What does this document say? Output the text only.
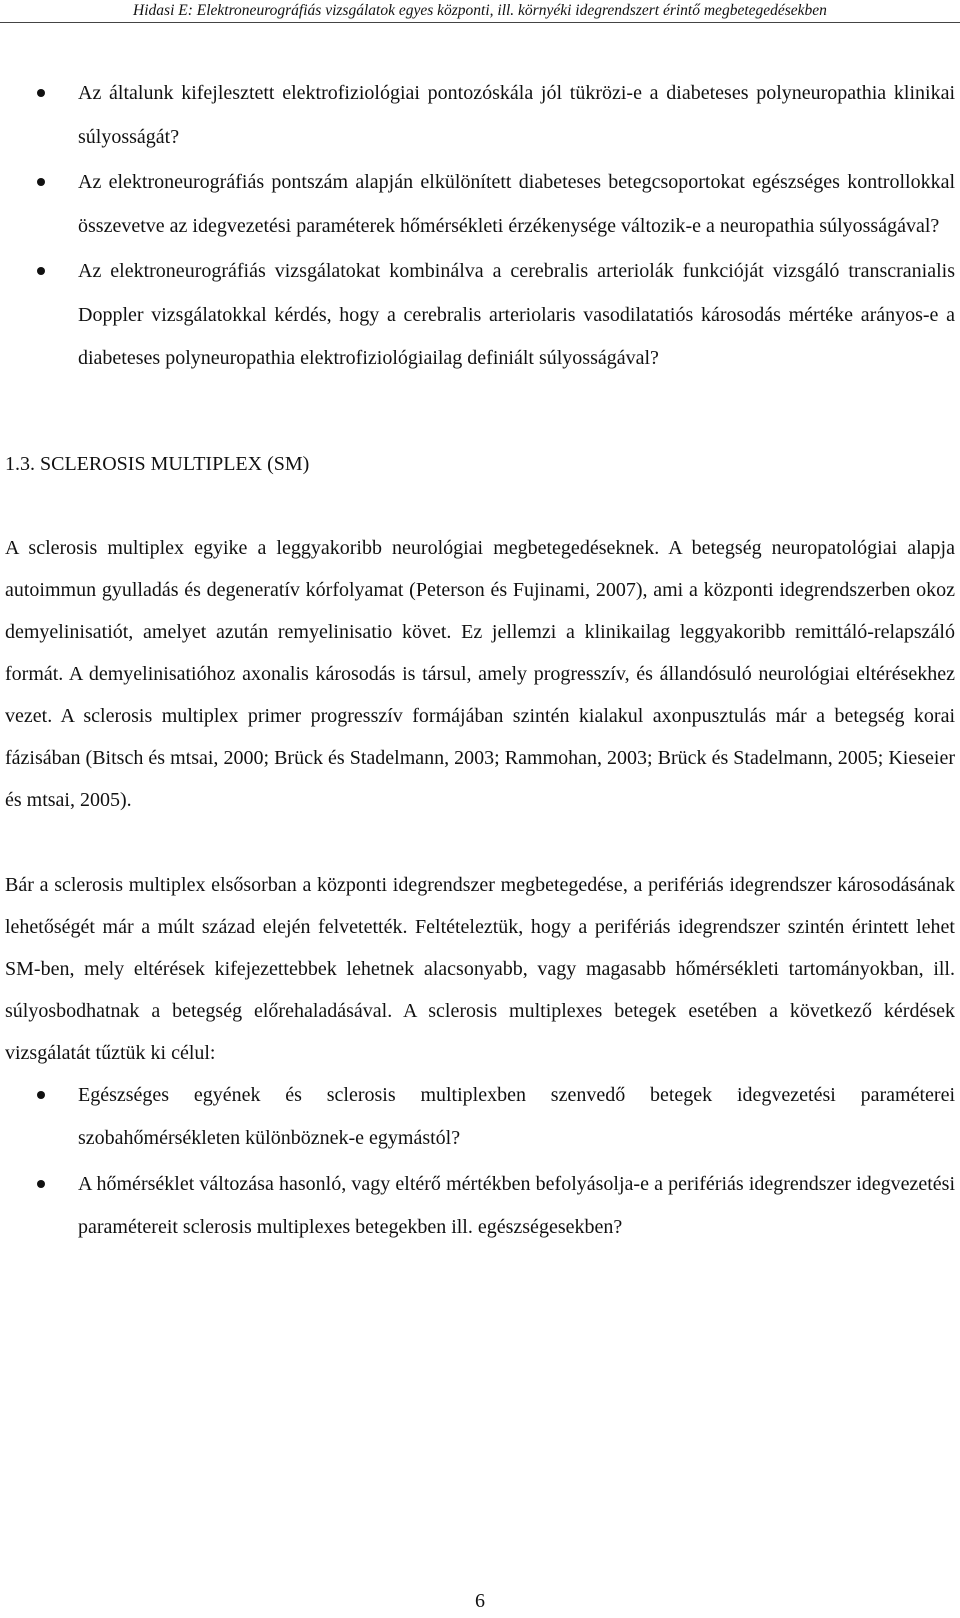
Hidasi E: Elektroneurográfiás vizsgálatok egyes központi, ill. környéki idegrendszert érintő megbetegedésekben
Az általunk kifejlesztett elektrofiziológiai pontozóskála jól tükrözi-e a diabeteses polyneuropathia klinikai súlyosságát?
Az elektroneurográfiás pontszám alapján elkülönített diabeteses betegcsoportokat egészséges kontrollokkal összevetve az idegvezetési paraméterek hőmérsékleti érzékenysége változik-e a neuropathia súlyosságával?
Az elektroneurográfiás vizsgálatokat kombinálva a cerebralis arteriolák funkcióját vizsgáló transcranialis Doppler vizsgálatokkal kérdés, hogy a cerebralis arteriolaris vasodilatatiós károsodás mértéke arányos-e a diabeteses polyneuropathia elektrofiziológiailag definiált súlyosságával?
1.3. SCLEROSIS MULTIPLEX (SM)

A sclerosis multiplex egyike a leggyakoribb neurológiai megbetegedéseknek. A betegség neuropatológiai alapja autoimmun gyulladás és degeneratív kórfolyamat (Peterson és Fujinami, 2007), ami a központi idegrendszerben okoz demyelinisatiót, amelyet azután remyelinisatio követ. Ez jellemzi a klinikailag leggyakoribb remittáló-relapszáló formát. A demyelinisatióhoz axonalis károsodás is társul, amely progresszív, és állandósuló neurológiai eltérésekhez vezet. A sclerosis multiplex primer progresszív formájában szintén kialakul axonpusztulás már a betegség korai fázisában (Bitsch és mtsai, 2000; Brück és Stadelmann, 2003; Rammohan, 2003; Brück és Stadelmann, 2005; Kieseier és mtsai, 2005).

Bár a sclerosis multiplex elsősorban a központi idegrendszer megbetegedése, a perifériás idegrendszer károsodásának lehetőségét már a múlt század elején felvetették. Feltételeztük, hogy a perifériás idegrendszer szintén érintett lehet SM-ben, mely eltérések kifejezettebbek lehetnek alacsonyabb, vagy magasabb hőmérsékleti tartományokban, ill. súlyosbodhatnak a betegség előrehaladásával. A sclerosis multiplexes betegek esetében a következő kérdések vizsgálatát tűztük ki célul:

Egészséges egyének és sclerosis multiplexben szenvedő betegek idegvezetési paraméterei szobahőmérsékleten különböznek-e egymástól?
A hőmérséklet változása hasonló, vagy eltérő mértékben befolyásolja-e a perifériás idegrendszer idegvezetési paramétereit sclerosis multiplexes betegekben ill. egészségesekben?
6
